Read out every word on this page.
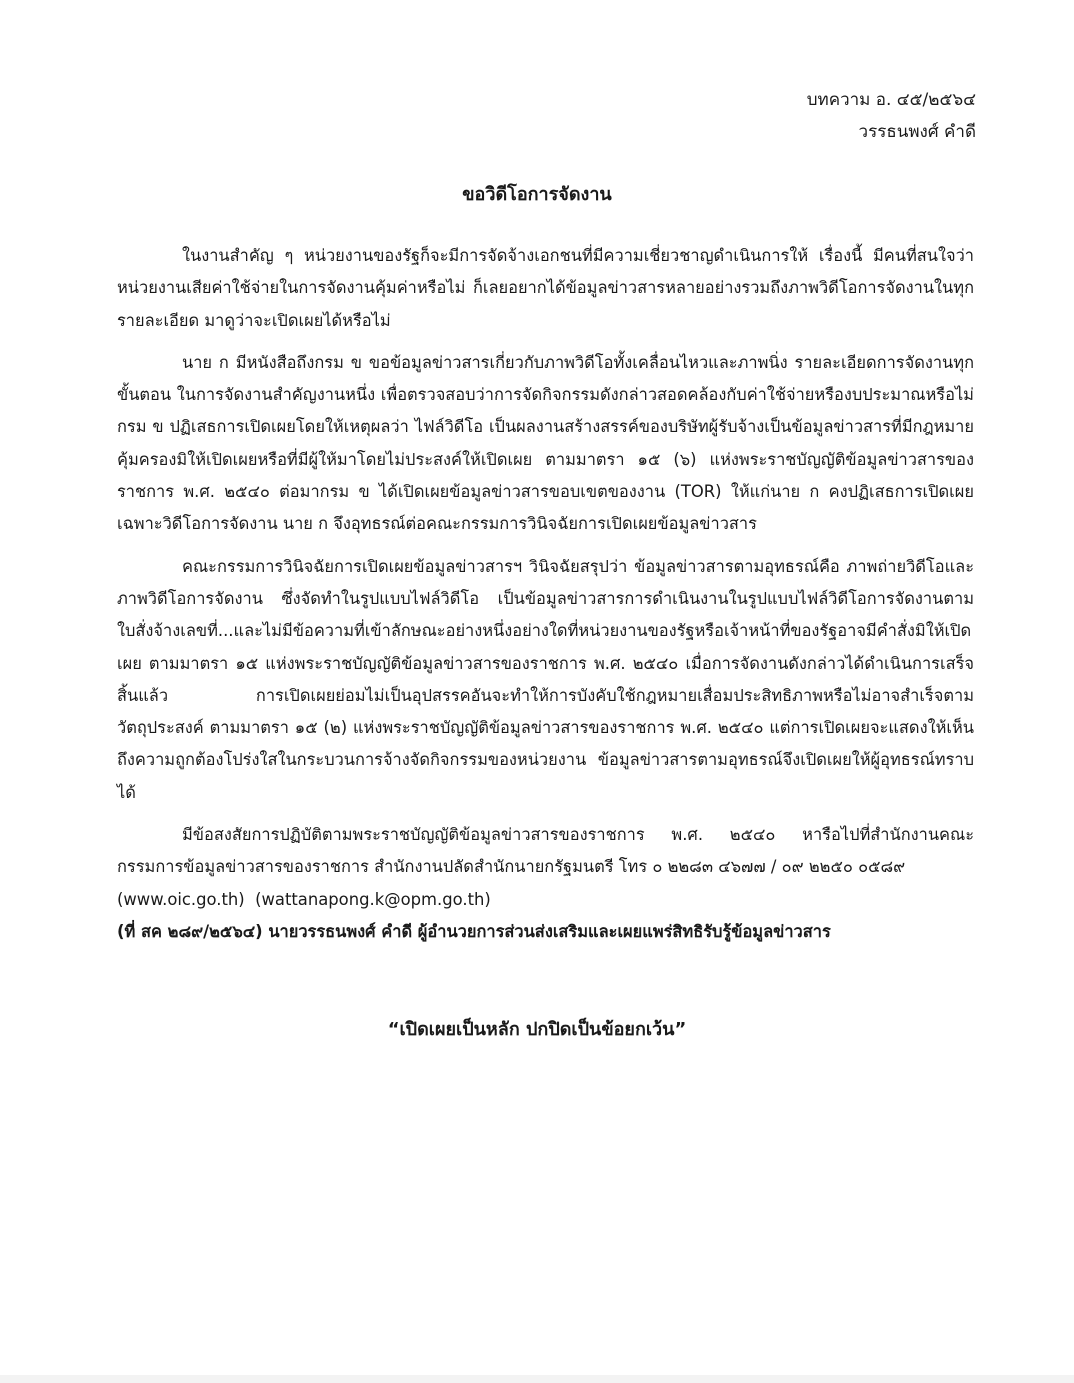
บทความ อ. ๔๕/๒๕๖๔
วรรธนพงศ์ คำดี
ขอวิดีโอการจัดงาน

ในงานสำคัญ ๆ หน่วยงานของรัฐก็จะมีการจัดจ้างเอกชนที่มีความเชี่ยวชาญดำเนินการให้ เรื่องนี้ มีคนที่สนใจว่า หน่วยงานเสียค่าใช้จ่ายในการจัดงานคุ้มค่าหรือไม่ ก็เลยอยากได้ข้อมูลข่าวสารหลายอย่างรวมถึงภาพวิดีโอการจัดงานในทุกรายละเอียด มาดูว่าจะเปิดเผยได้หรือไม่

นาย ก มีหนังสือถึงกรม ข ขอข้อมูลข่าวสารเกี่ยวกับภาพวิดีโอทั้งเคลื่อนไหวและภาพนิ่ง รายละเอียดการจัดงานทุกขั้นตอน ในการจัดงานสำคัญงานหนึ่ง เพื่อตรวจสอบว่าการจัดกิจกรรมดังกล่าวสอดคล้องกับค่าใช้จ่ายหรืองบประมาณหรือไม่ กรม ข ปฏิเสธการเปิดเผยโดยให้เหตุผลว่า ไฟล์วิดีโอ เป็นผลงานสร้างสรรค์ของบริษัทผู้รับจ้างเป็นข้อมูลข่าวสารที่มีกฎหมายคุ้มครองมิให้เปิดเผยหรือที่มีผู้ให้มาโดยไม่ประสงค์ให้เปิดเผย ตามมาตรา ๑๕ (๖) แห่งพระราชบัญญัติข้อมูลข่าวสารของราชการ พ.ศ. ๒๕๔๐ ต่อมากรม ข ได้เปิดเผยข้อมูลข่าวสารขอบเขตของงาน (TOR) ให้แก่นาย ก คงปฏิเสธการเปิดเผยเฉพาะวิดีโอการจัดงาน นาย ก จึงอุทธรณ์ต่อคณะกรรมการวินิจฉัยการเปิดเผยข้อมูลข่าวสาร

คณะกรรมการวินิจฉัยการเปิดเผยข้อมูลข่าวสารฯ วินิจฉัยสรุปว่า ข้อมูลข่าวสารตามอุทธรณ์คือ ภาพถ่ายวิดีโอและภาพวิดีโอการจัดงาน ซึ่งจัดทำในรูปแบบไฟล์วิดีโอ เป็นข้อมูลข่าวสารการดำเนินงานในรูปแบบไฟล์วิดีโอการจัดงานตามใบสั่งจ้างเลขที่...และไม่มีข้อความที่เข้าลักษณะอย่างหนึ่งอย่างใดที่หน่วยงานของรัฐหรือเจ้าหน้าที่ของรัฐอาจมีคำสั่งมิให้เปิดเผย ตามมาตรา ๑๕ แห่งพระราชบัญญัติข้อมูลข่าวสารของราชการ พ.ศ. ๒๕๔๐ เมื่อการจัดงานดังกล่าวได้ดำเนินการเสร็จสิ้นแล้ว การเปิดเผยย่อมไม่เป็นอุปสรรคอันจะทำให้การบังคับใช้กฎหมายเสื่อมประสิทธิภาพหรือไม่อาจสำเร็จตามวัตถุประสงค์ ตามมาตรา ๑๕ (๒) แห่งพระราชบัญญัติข้อมูลข่าวสารของราชการ พ.ศ. ๒๕๔๐ แต่การเปิดเผยจะแสดงให้เห็นถึงความถูกต้องโปร่งใสในกระบวนการจ้างจัดกิจกรรมของหน่วยงาน ข้อมูลข่าวสารตามอุทธรณ์จึงเปิดเผยให้ผู้อุทธรณ์ทราบได้

มีข้อสงสัยการปฏิบัติตามพระราชบัญญัติข้อมูลข่าวสารของราชการ พ.ศ. ๒๕๔๐ หารือไปที่สำนักงานคณะกรรมการข้อมูลข่าวสารของราชการ สำนักงานปลัดสำนักนายกรัฐมนตรี โทร ๐ ๒๒๘๓ ๔๖๗๗ / ๐๙ ๒๒๕๐ ๐๕๘๙

(www.oic.go.th) (wattanapong.k@opm.go.th)
(ที่ สค ๒๘๙/๒๕๖๔) นายวรรธนพงศ์ คำดี ผู้อำนวยการส่วนส่งเสริมและเผยแพร่สิทธิรับรู้ข้อมูลข่าวสาร
“เปิดเผยเป็นหลัก ปกปิดเป็นข้อยกเว้น”
